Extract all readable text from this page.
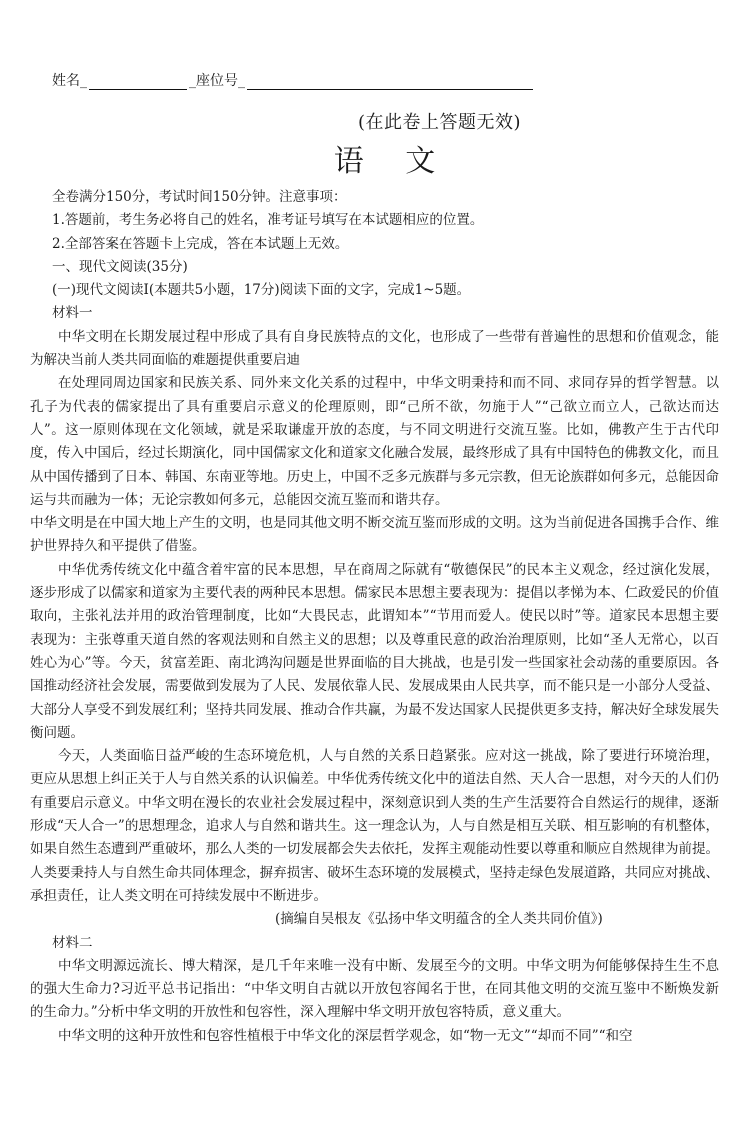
姓名_	_座位号_
(在此卷上答题无效)
语 文

全卷满分150分，考试时间150分钟。注意事项：

1.答题前，考生务必将自己的姓名，准考证号填写在本试题相应的位置。

2.全部答案在答题卡上完成，答在本试题上无效。

一、现代文阅读(35分)

(一)现代文阅读I(本题共5小题，17分)阅读下面的文字，完成1~5题。

材料一

中华文明在长期发展过程中形成了具有自身民族特点的文化，也形成了一些带有普遍性的思想和价值观念，能为解决当前人类共同面临的难题提供重要启迪

在处理同周边国家和民族关系、同外来文化关系的过程中，中华文明秉持和而不同、求同存异的哲学智慧。以孔子为代表的儒家提出了具有重要启示意义的伦理原则，即“己所不欲，勿施于人”“己欲立而立人，己欲达而达人”。这一原则体现在文化领域，就是采取谦虚开放的态度，与不同文明进行交流互鉴。比如，佛教产生于古代印度，传入中国后，经过长期演化，同中国儒家文化和道家文化融合发展，最终形成了具有中国特色的佛教文化，而且从中国传播到了日本、韩国、东南亚等地。历史上，中国不乏多元族群与多元宗教，但无论族群如何多元，总能因命运与共而融为一体；无论宗教如何多元，总能因交流互鉴而和谐共存。

中华文明是在中国大地上产生的文明，也是同其他文明不断交流互鉴而形成的文明。这为当前促进各国携手合作、维护世界持久和平提供了借鉴。

中华优秀传统文化中蕴含着牢富的民本思想，早在商周之际就有“敬德保民”的民本主义观念，经过演化发展，逐步形成了以儒家和道家为主要代表的两种民本思想。儒家民本思想主要表现为：提倡以孝悌为本、仁政爱民的价值取向，主张礼法并用的政治管理制度，比如“大畏民志，此谓知本”“节用而爱人。使民以时”等。道家民本思想主要表现为：主张尊重天道自然的客观法则和自然主义的思想；以及尊重民意的政治治理原则，比如“圣人无常心，以百姓心为心”等。今天，贫富差距、南北鸿沟问题是世界面临的目大挑战，也是引发一些国家社会动荡的重要原因。各国推动经济社会发展，需要做到发展为了人民、发展依靠人民、发展成果由人民共享，而不能只是一小部分人受益、大部分人享受不到发展红利；坚持共同发展、推动合作共赢，为最不发达国家人民提供更多支持，解决好全球发展失衡问题。

今天，人类面临日益严峻的生态环境危机，人与自然的关系日趋紧张。应对这一挑战，除了要进行环境治理，更应从思想上纠正关于人与自然关系的认识偏差。中华优秀传统文化中的道法自然、天人合一思想，对今天的人们仍有重要启示意义。中华文明在漫长的农业社会发展过程中，深刻意识到人类的生产生活要符合自然运行的规律，逐渐形成“天人合一”的思想理念，追求人与自然和谐共生。这一理念认为，人与自然是相互关联、相互影响的有机整体，如果自然生态遭到严重破坏，那么人类的一切发展都会失去依托，发挥主观能动性要以尊重和顺应自然规律为前提。人类要秉持人与自然生命共同体理念，摒弃损害、破坏生态环境的发展模式，坚持走绿色发展道路，共同应对挑战、承担责任，让人类文明在可持续发展中不断进步。

(摘编自吴根友《弘扬中华文明蕴含的全人类共同价值》)

材料二

中华文明源远流长、博大精深，是几千年来唯一没有中断、发展至今的文明。中华文明为何能够保持生生不息的强大生命力?习近平总书记指出：“中华文明自古就以开放包容闻名于世，在同其他文明的交流互鉴中不断焕发新的生命力。”分析中华文明的开放性和包容性，深入理解中华文明开放包容特质，意义重大。

中华文明的这种开放性和包容性植根于中华文化的深层哲学观念，如“物一无文”“却而不同”“和空
